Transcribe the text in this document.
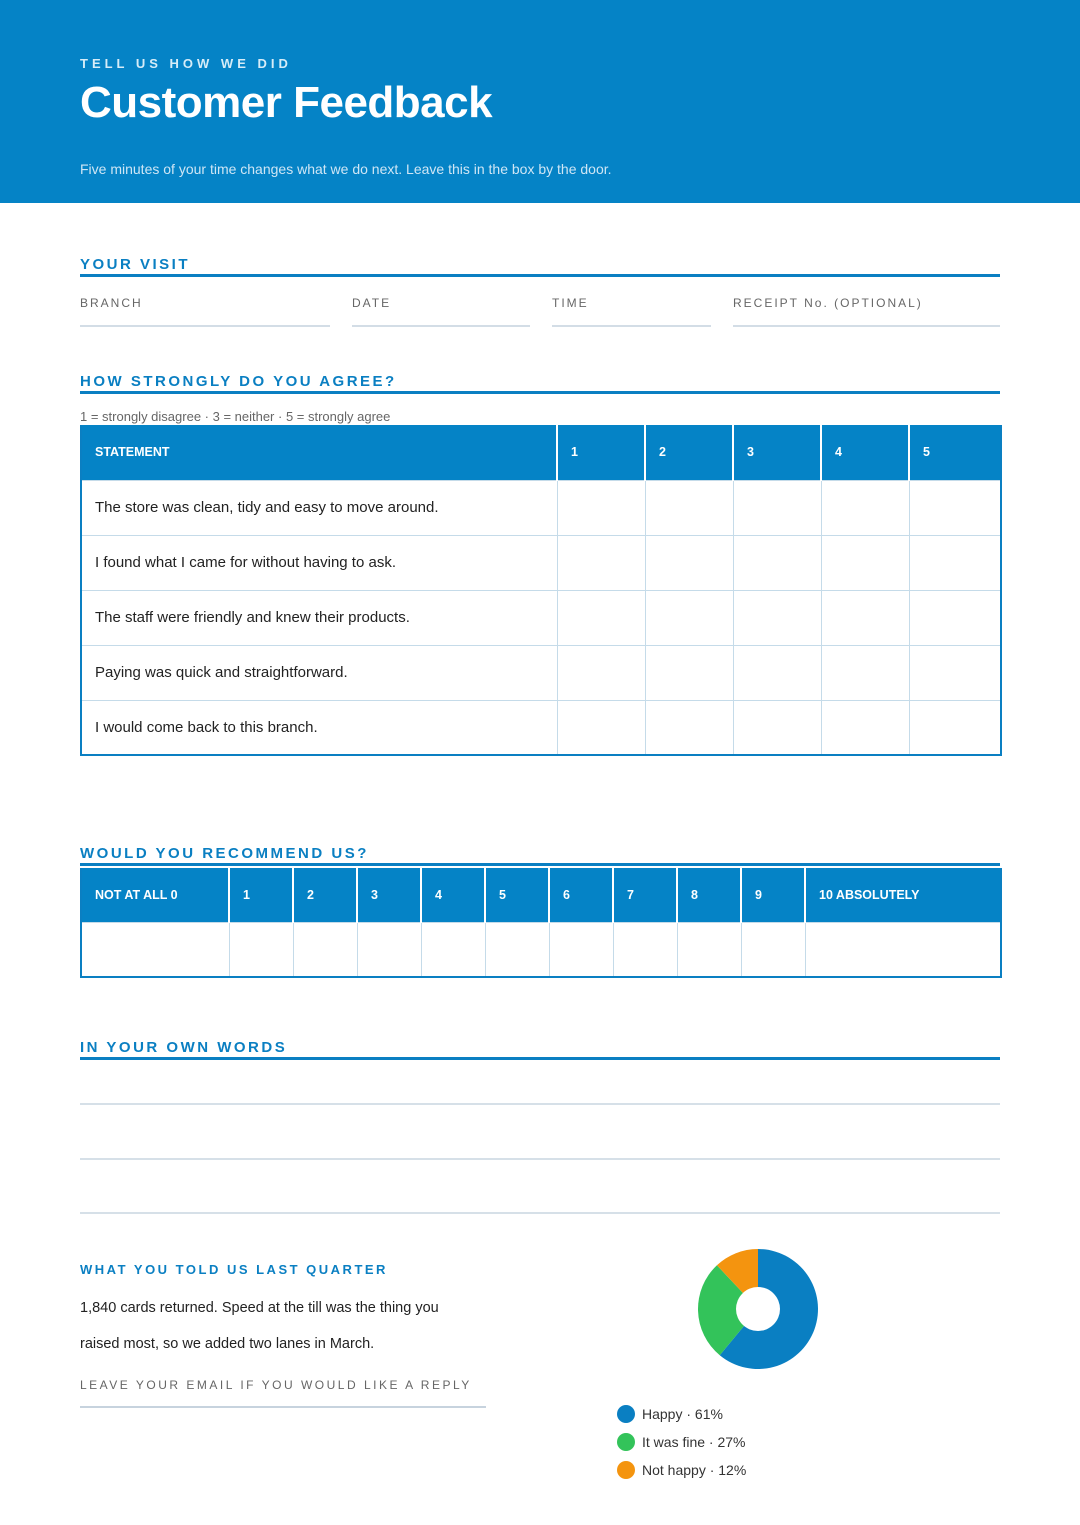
TELL US HOW WE DID
Customer Feedback
Five minutes of your time changes what we do next. Leave this in the box by the door.
YOUR VISIT
BRANCH	DATE	TIME	RECEIPT No. (OPTIONAL)
HOW STRONGLY DO YOU AGREE?
1 = strongly disagree · 3 = neither · 5 = strongly agree
STATEMENT	1	2	3	4	5
The store was clean, tidy and easy to move around.					
I found what I came for without having to ask.					
The staff were friendly and knew their products.					
Paying was quick and straightforward.					
I would come back to this branch.					
WOULD YOU RECOMMEND US?
NOT AT ALL 0	1	2	3	4	5	6	7	8	9	10 ABSOLUTELY

IN YOUR OWN WORDS
WHAT YOU TOLD US LAST QUARTER
1,840 cards returned. Speed at the till was the thing you raised most, so we added two lanes in March.
LEAVE YOUR EMAIL IF YOU WOULD LIKE A REPLY
Happy · 61%
It was fine · 27%
Not happy · 12%
